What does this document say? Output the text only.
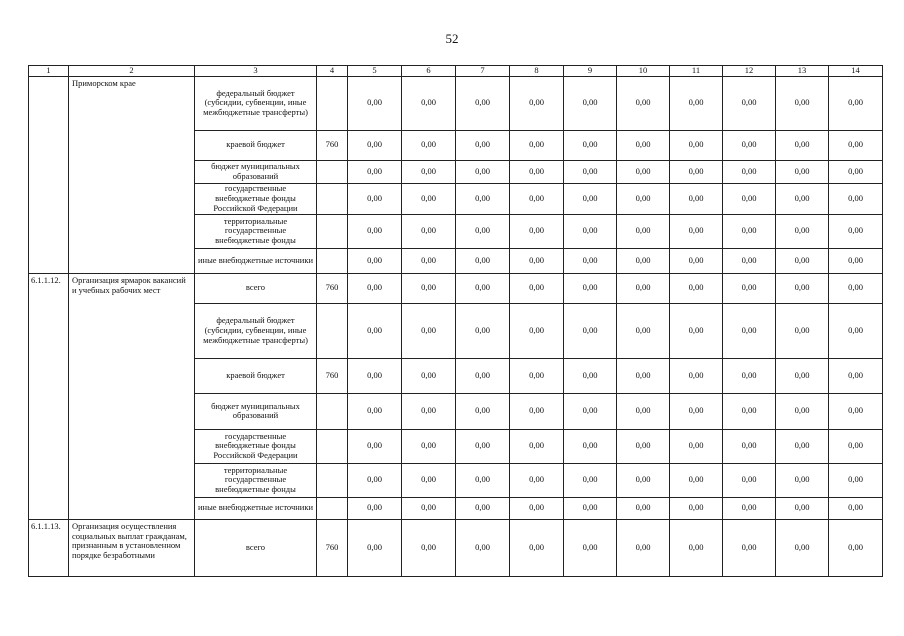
52
1	2	3	4	5	6	7	8	9	10	11	12	13	14
	Приморском крае	федеральный бюджет (субсидии, субвенции, иные межбюджетные трансферты)		0,00	0,00	0,00	0,00	0,00	0,00	0,00	0,00	0,00	0,00
		краевой бюджет	760	0,00	0,00	0,00	0,00	0,00	0,00	0,00	0,00	0,00	0,00
		бюджет муниципальных образований		0,00	0,00	0,00	0,00	0,00	0,00	0,00	0,00	0,00	0,00
		государственные внебюджетные фонды Российской Федерации		0,00	0,00	0,00	0,00	0,00	0,00	0,00	0,00	0,00	0,00
		территориальные государственные внебюджетные фонды		0,00	0,00	0,00	0,00	0,00	0,00	0,00	0,00	0,00	0,00
		иные внебюджетные источники		0,00	0,00	0,00	0,00	0,00	0,00	0,00	0,00	0,00	0,00
6.1.1.12.	Организация ярмарок вакансий и учебных рабочих мест	всего	760	0,00	0,00	0,00	0,00	0,00	0,00	0,00	0,00	0,00	0,00
		федеральный бюджет (субсидии, субвенции, иные межбюджетные трансферты)		0,00	0,00	0,00	0,00	0,00	0,00	0,00	0,00	0,00	0,00
		краевой бюджет	760	0,00	0,00	0,00	0,00	0,00	0,00	0,00	0,00	0,00	0,00
		бюджет муниципальных образований		0,00	0,00	0,00	0,00	0,00	0,00	0,00	0,00	0,00	0,00
		государственные внебюджетные фонды Российской Федерации		0,00	0,00	0,00	0,00	0,00	0,00	0,00	0,00	0,00	0,00
		территориальные государственные внебюджетные фонды		0,00	0,00	0,00	0,00	0,00	0,00	0,00	0,00	0,00	0,00
		иные внебюджетные источники		0,00	0,00	0,00	0,00	0,00	0,00	0,00	0,00	0,00	0,00
6.1.1.13.	Организация осуществления социальных выплат гражданам, признанным в установленном порядке безработными	всего	760	0,00	0,00	0,00	0,00	0,00	0,00	0,00	0,00	0,00	0,00
